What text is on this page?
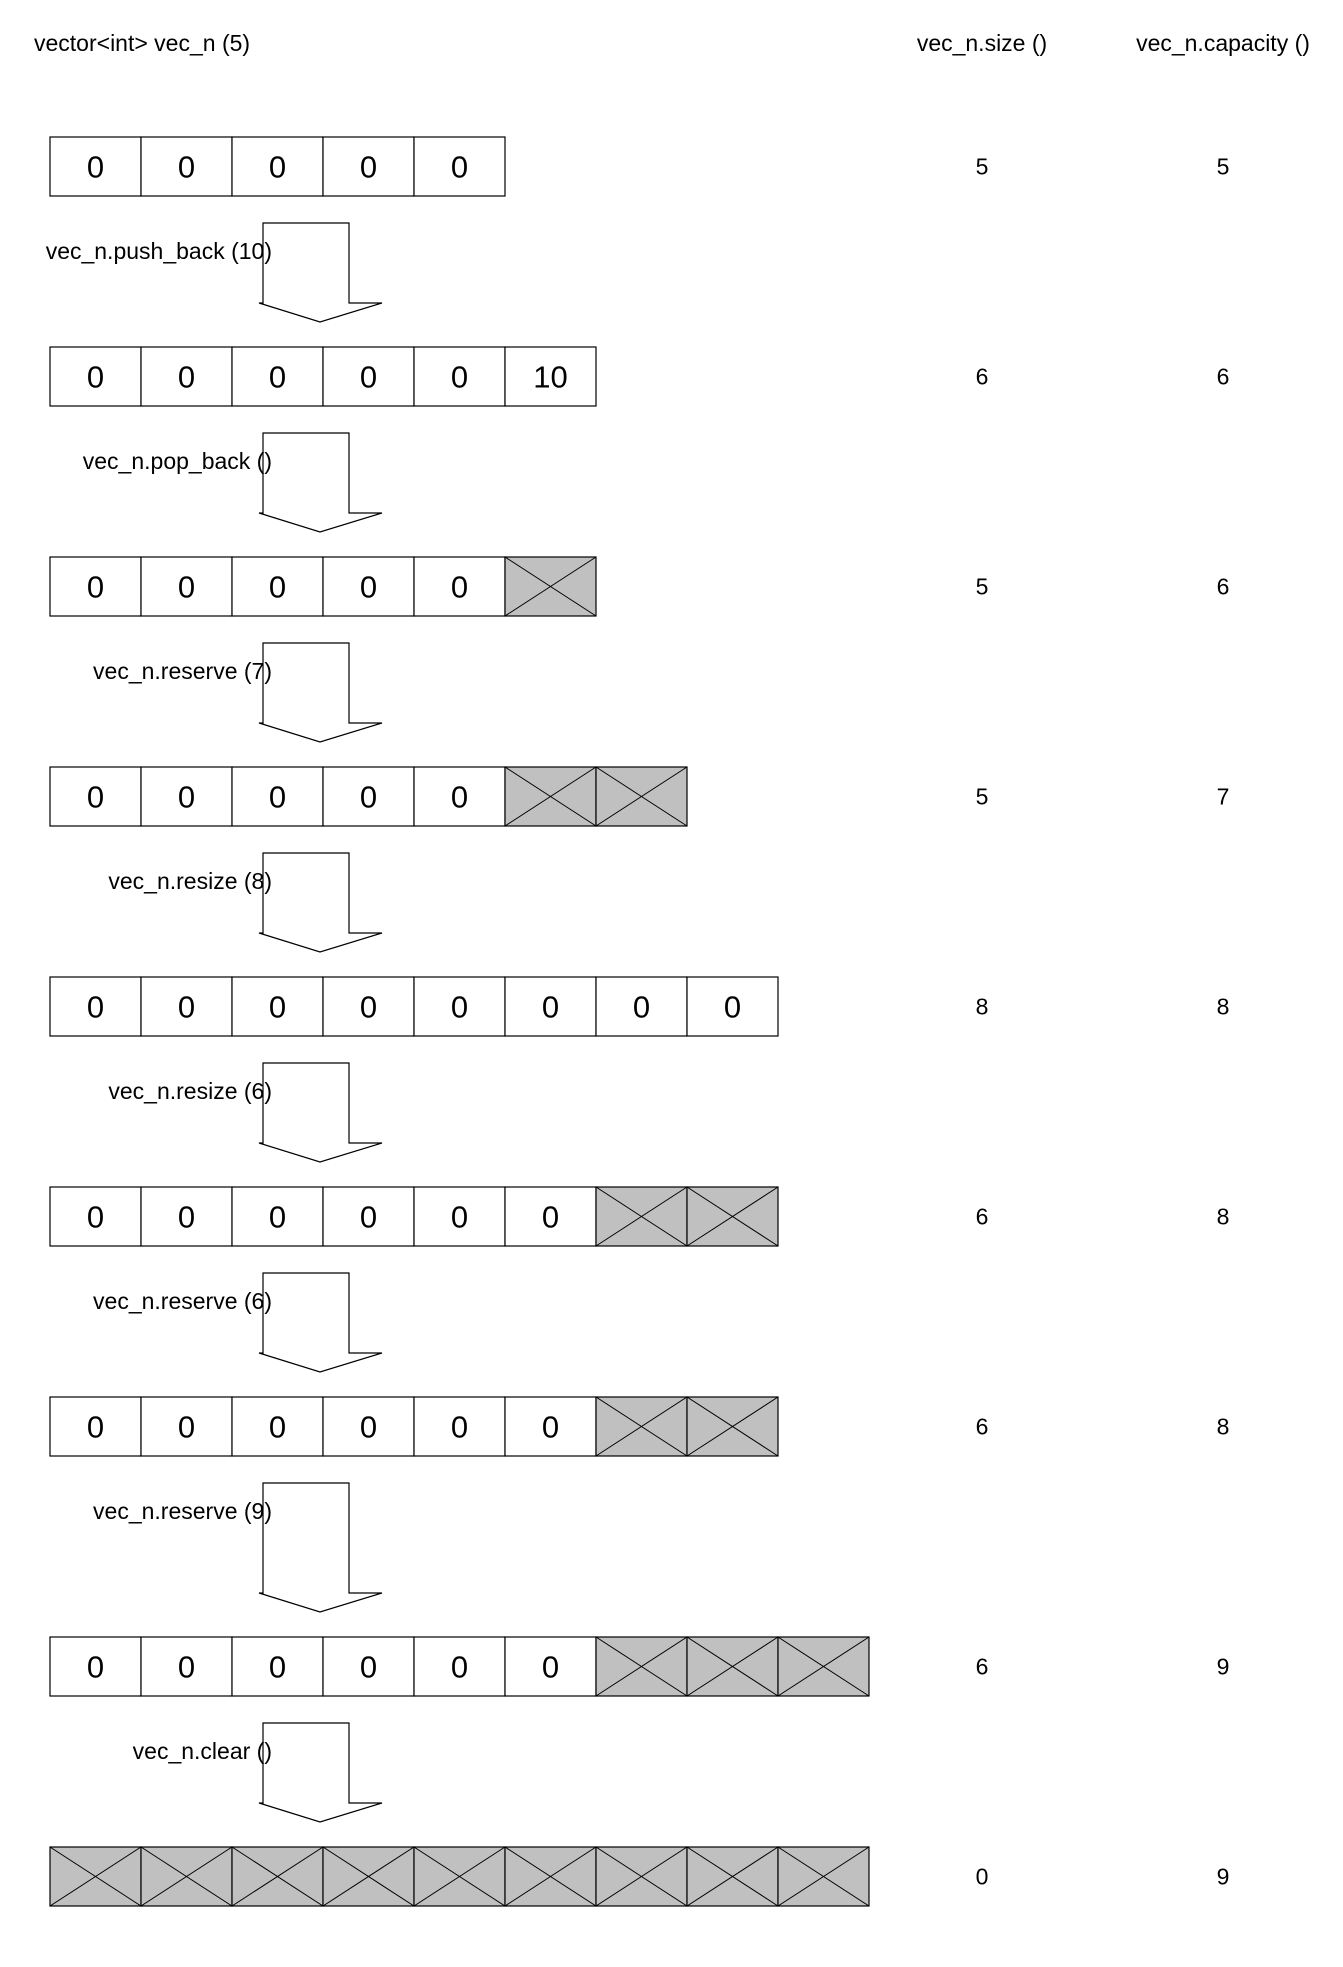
vector<int> vec_n (5)	vec_n.size ()	vec_n.capacity ()
0 0 0 0 0	5	5
0 0 0 0 0 10	6	6
vec_n.push_back (10)
0 0 0 0 0	5	6
vec_n.pop_back ()
0 0 0 0 0	5	7
vec_n.reserve (7)
0 0 0 0 0 0 0 0	8	8
vec_n.resize (8)
0 0 0 0 0 0	6	8
vec_n.resize (6)
0 0 0 0 0 0	6	8
vec_n.reserve (6)
0 0 0 0 0 0	6	9
vec_n.reserve (9)
0	9
vec_n.clear ()
